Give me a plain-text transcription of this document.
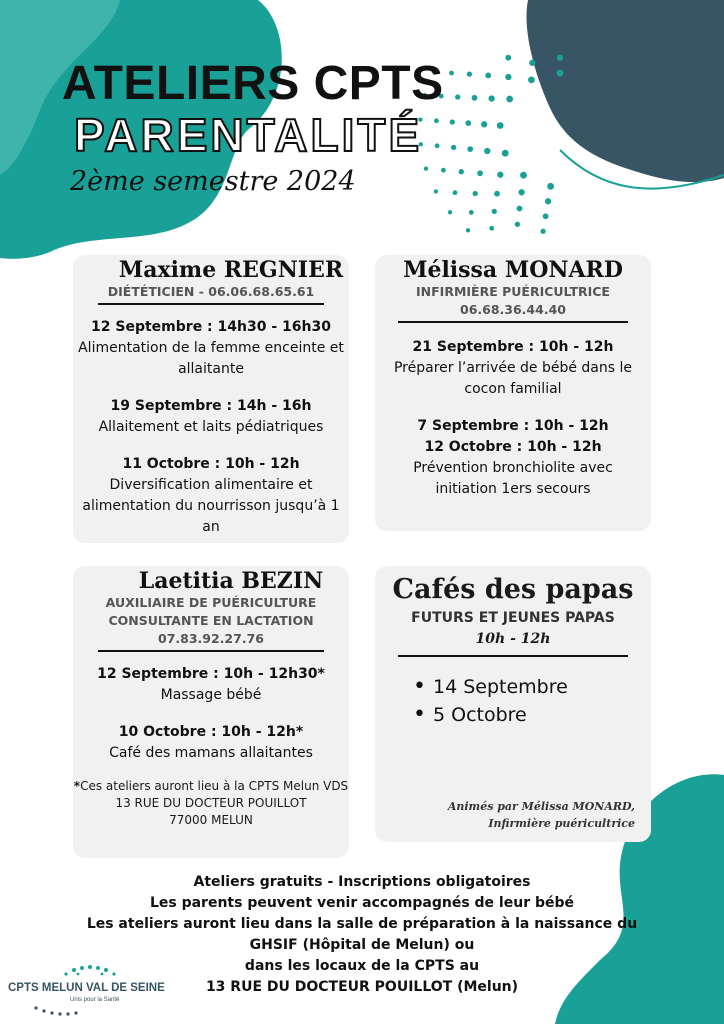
ATELIERS CPTS
PARENTALITÉ
2ème semestre 2024
Maxime REGNIER
DIÉTÉTICIEN - 06.06.68.65.61
12 Septembre : 14h30 - 16h30
Alimentation de la femme enceinte et
allaitante
19 Septembre : 14h - 16h
Allaitement et laits pédiatriques
11 Octobre : 10h - 12h
Diversification alimentaire et
alimentation du nourrisson jusqu’à 1
an
Mélissa MONARD
INFIRMIÈRE PUÉRICULTRICE
06.68.36.44.40
21 Septembre : 10h - 12h
Préparer l’arrivée de bébé dans le
cocon familial
7 Septembre : 10h - 12h
12 Octobre : 10h - 12h
Prévention bronchiolite avec
initiation 1ers secours
Laetitia BEZIN
AUXILIAIRE DE PUÉRICULTURE
CONSULTANTE EN LACTATION
07.83.92.27.76
12 Septembre : 10h - 12h30*
Massage bébé
10 Octobre : 10h - 12h*
Café des mamans allaitantes
*Ces ateliers auront lieu à la CPTS Melun VDS
13 RUE DU DOCTEUR POUILLOT
77000 MELUN
Cafés des papas
FUTURS ET JEUNES PAPAS
10h - 12h
• 14 Septembre
• 5 Octobre
Animés par Mélissa MONARD,
Infirmière puéricultrice
Ateliers gratuits - Inscriptions obligatoires
Les parents peuvent venir accompagnés de leur bébé
Les ateliers auront lieu dans la salle de préparation à la naissance du
GHSIF (Hôpital de Melun) ou
dans les locaux de la CPTS au
13 RUE DU DOCTEUR POUILLOT (Melun)
CPTS MELUN VAL DE SEINE
Unis pour la Santé
